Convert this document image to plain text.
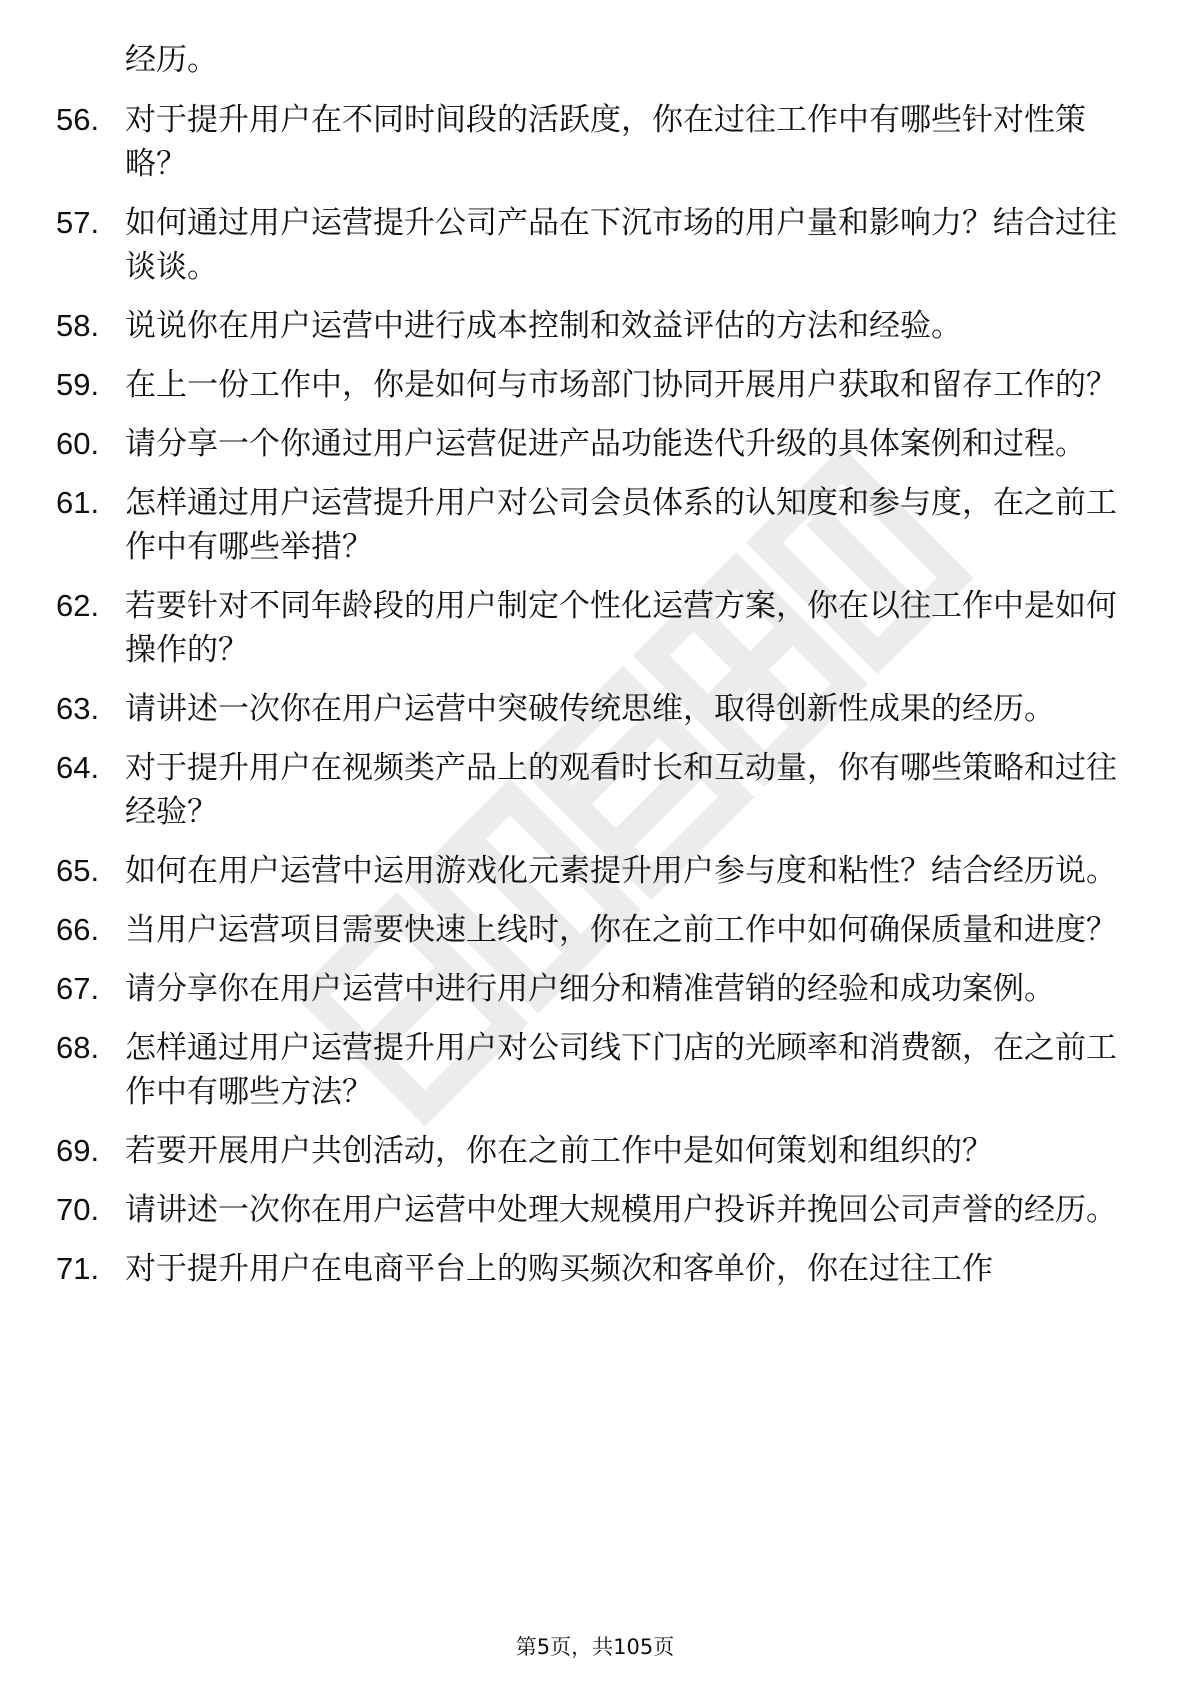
经历。

56. 对于提升用户在不同时间段的活跃度，你在过往工作中有哪些针对性策略？
57. 如何通过用户运营提升公司产品在下沉市场的用户量和影响力？结合过往谈谈。
58. 说说你在用户运营中进行成本控制和效益评估的方法和经验。
59. 在上一份工作中，你是如何与市场部门协同开展用户获取和留存工作的？
60. 请分享一个你通过用户运营促进产品功能迭代升级的具体案例和过程。
61. 怎样通过用户运营提升用户对公司会员体系的认知度和参与度，在之前工作中有哪些举措？
62. 若要针对不同年龄段的用户制定个性化运营方案，你在以往工作中是如何操作的？
63. 请讲述一次你在用户运营中突破传统思维，取得创新性成果的经历。
64. 对于提升用户在视频类产品上的观看时长和互动量，你有哪些策略和过往经验？
65. 如何在用户运营中运用游戏化元素提升用户参与度和粘性？结合经历说。
66. 当用户运营项目需要快速上线时，你在之前工作中如何确保质量和进度？
67. 请分享你在用户运营中进行用户细分和精准营销的经验和成功案例。
68. 怎样通过用户运营提升用户对公司线下门店的光顾率和消费额，在之前工作中有哪些方法？
69. 若要开展用户共创活动，你在之前工作中是如何策划和组织的？
70. 请讲述一次你在用户运营中处理大规模用户投诉并挽回公司声誉的经历。
71. 对于提升用户在电商平台上的购买频次和客单价，你在过往工作
第5页，共105页
